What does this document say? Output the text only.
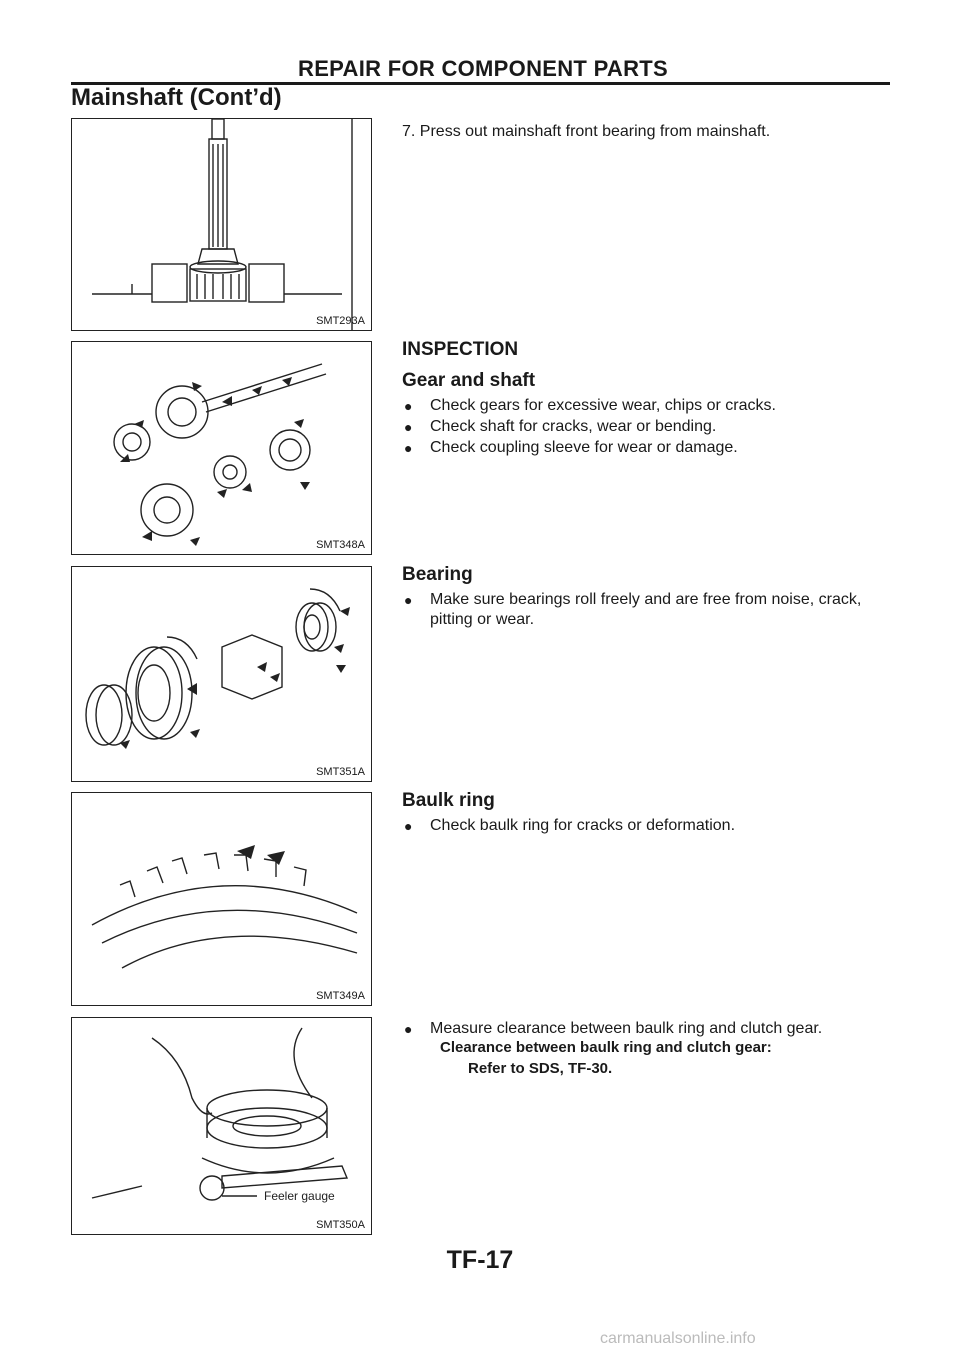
REPAIR FOR COMPONENT PARTS
Mainshaft (Cont’d)
SMT293A
7. Press out mainshaft front bearing from mainshaft.
SMT348A
INSPECTION
Gear and shaft
● Check gears for excessive wear, chips or cracks.
● Check shaft for cracks, wear or bending.
● Check coupling sleeve for wear or damage.
SMT351A
Bearing
● Make sure bearings roll freely and are free from noise, crack, pitting or wear.
SMT349A
Baulk ring
● Check baulk ring for cracks or deformation.
Feeler gauge
SMT350A
● Measure clearance between baulk ring and clutch gear.
Clearance between baulk ring and clutch gear:
Refer to SDS, TF-30.
TF-17
carmanualsonline.info
